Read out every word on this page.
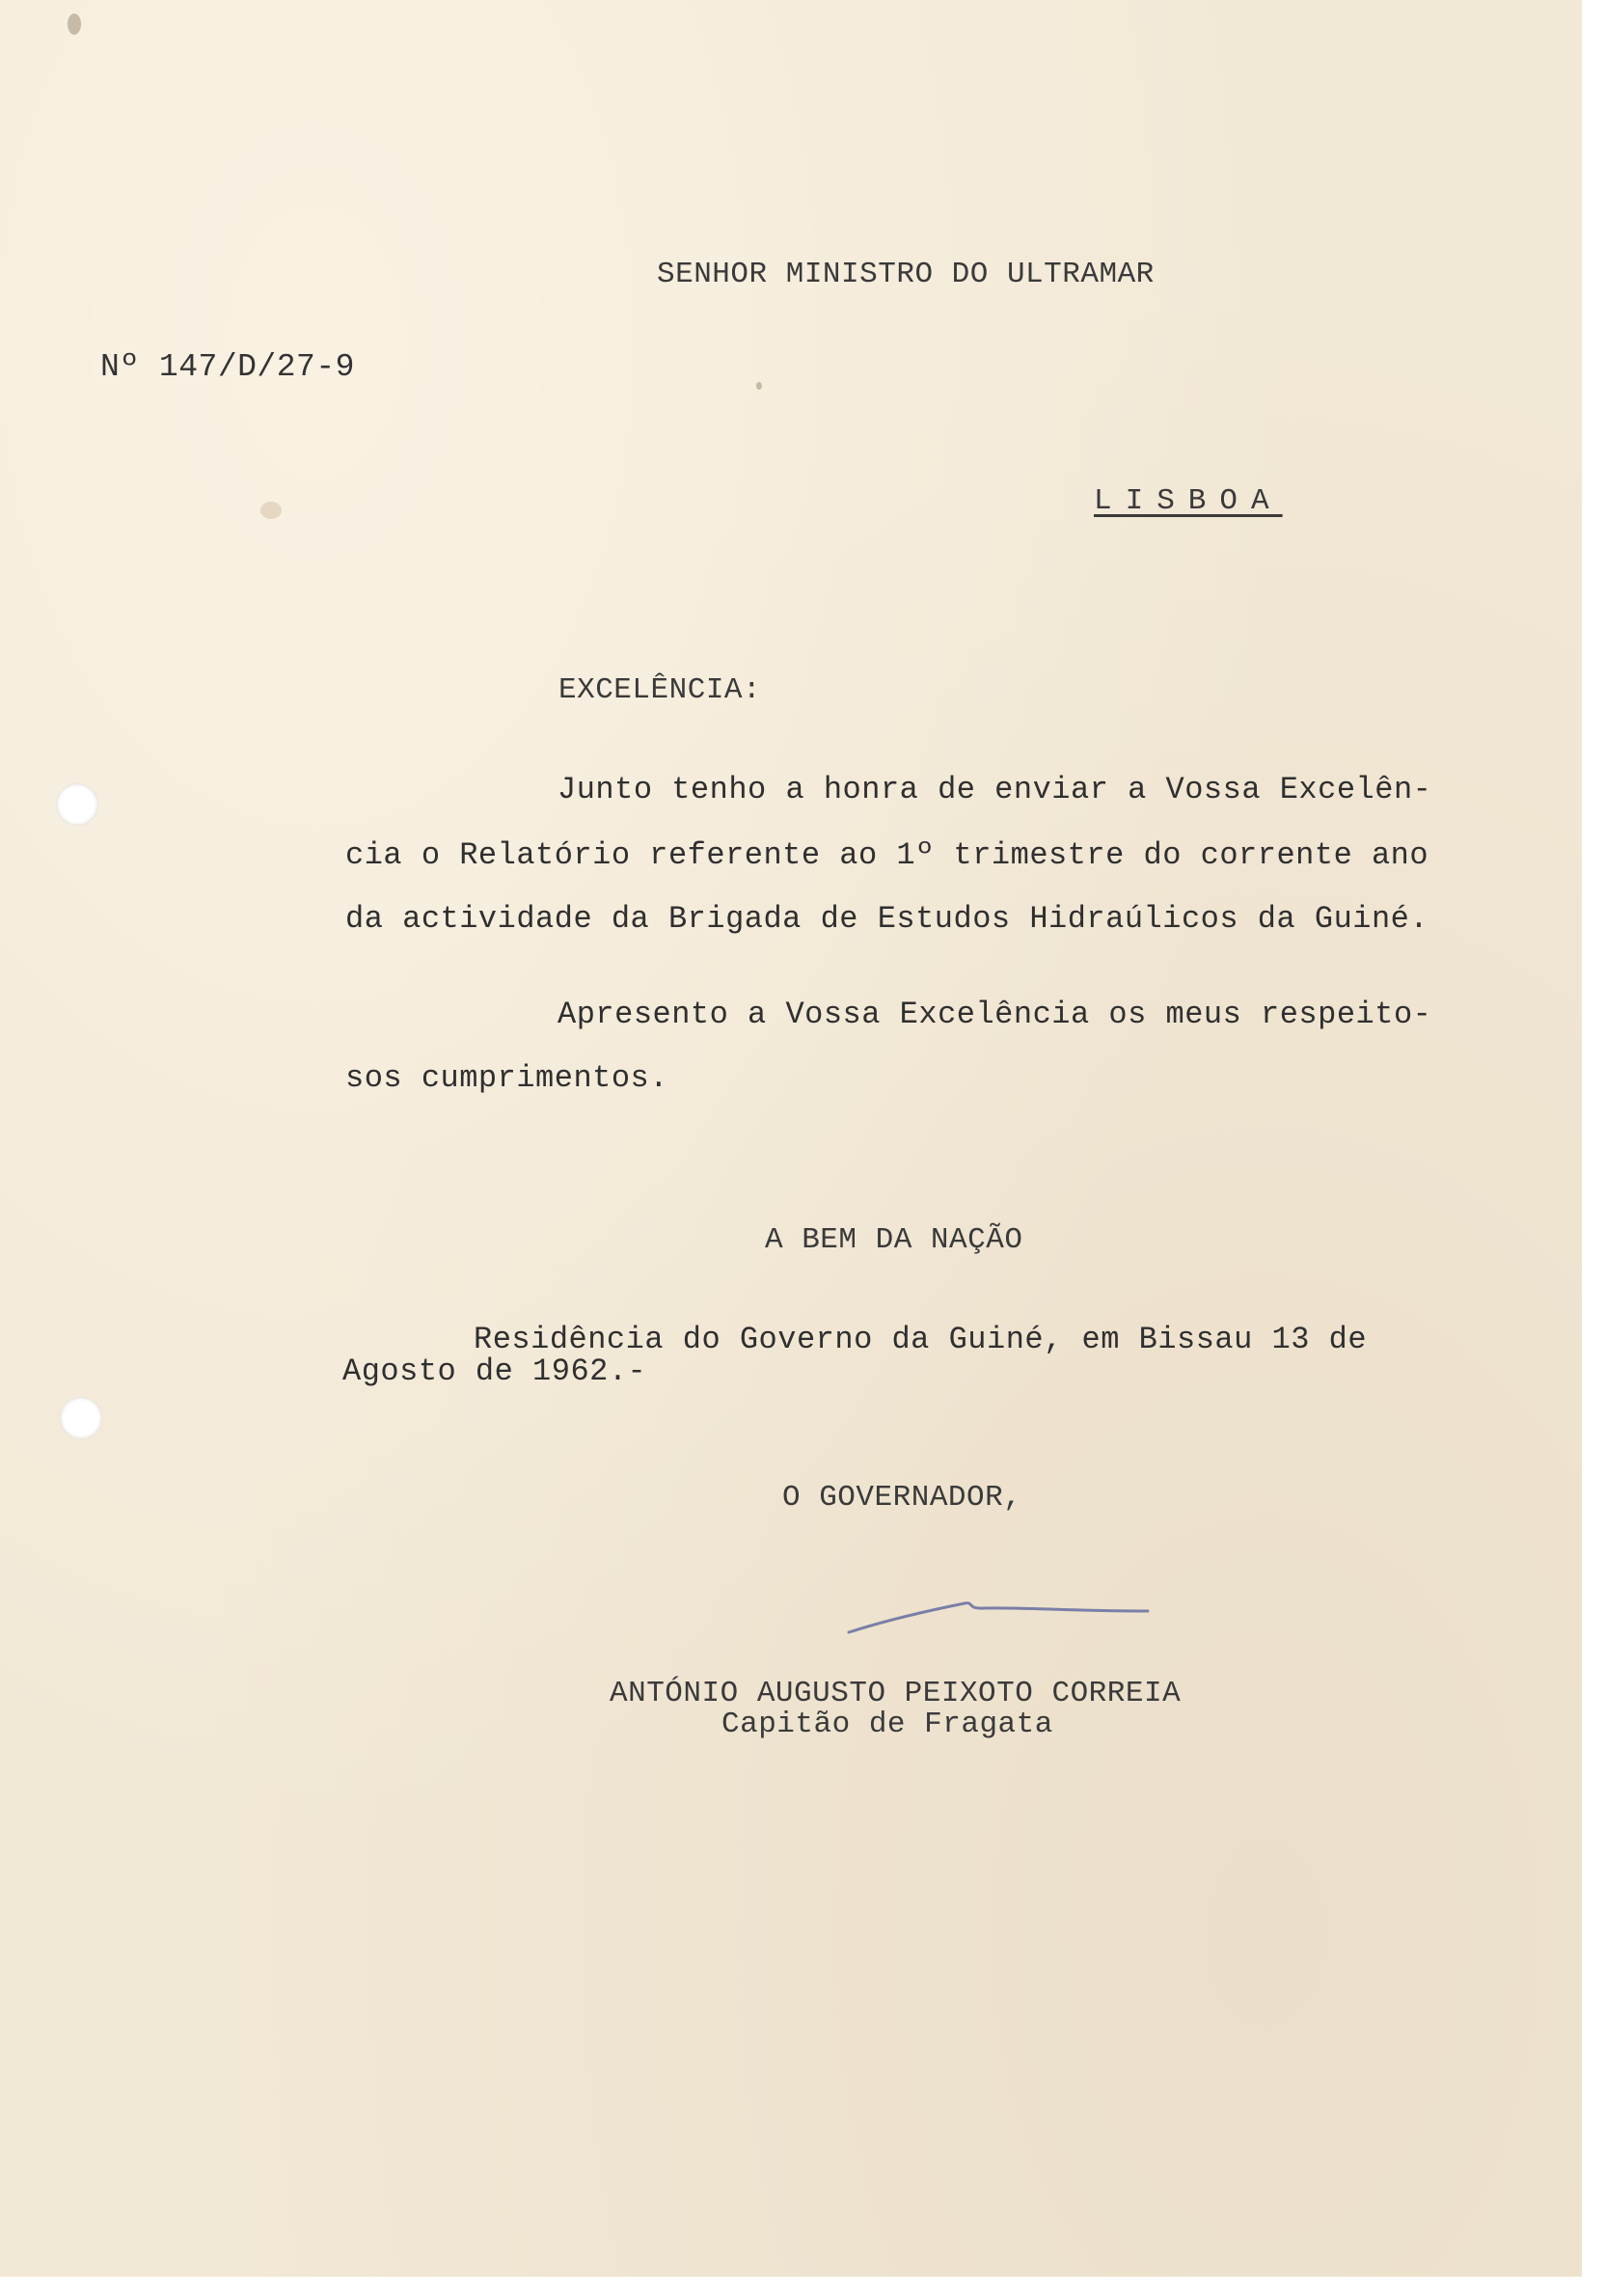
Nº 147/D/27-9
SENHOR MINISTRO DO ULTRAMAR
LISBOA
EXCELÊNCIA:
Junto tenho a honra de enviar a Vossa Excelên-
cia o Relatório referente ao 1º trimestre do corrente ano
da actividade da Brigada de Estudos Hidraúlicos da Guiné.
Apresento a Vossa Excelência os meus respeito-
sos cumprimentos.
A BEM DA NAÇÃO
Residência do Governo da Guiné, em Bissau 13 de
Agosto de 1962.-
O GOVERNADOR,
ANTÓNIO AUGUSTO PEIXOTO CORREIA
Capitão de Fragata
